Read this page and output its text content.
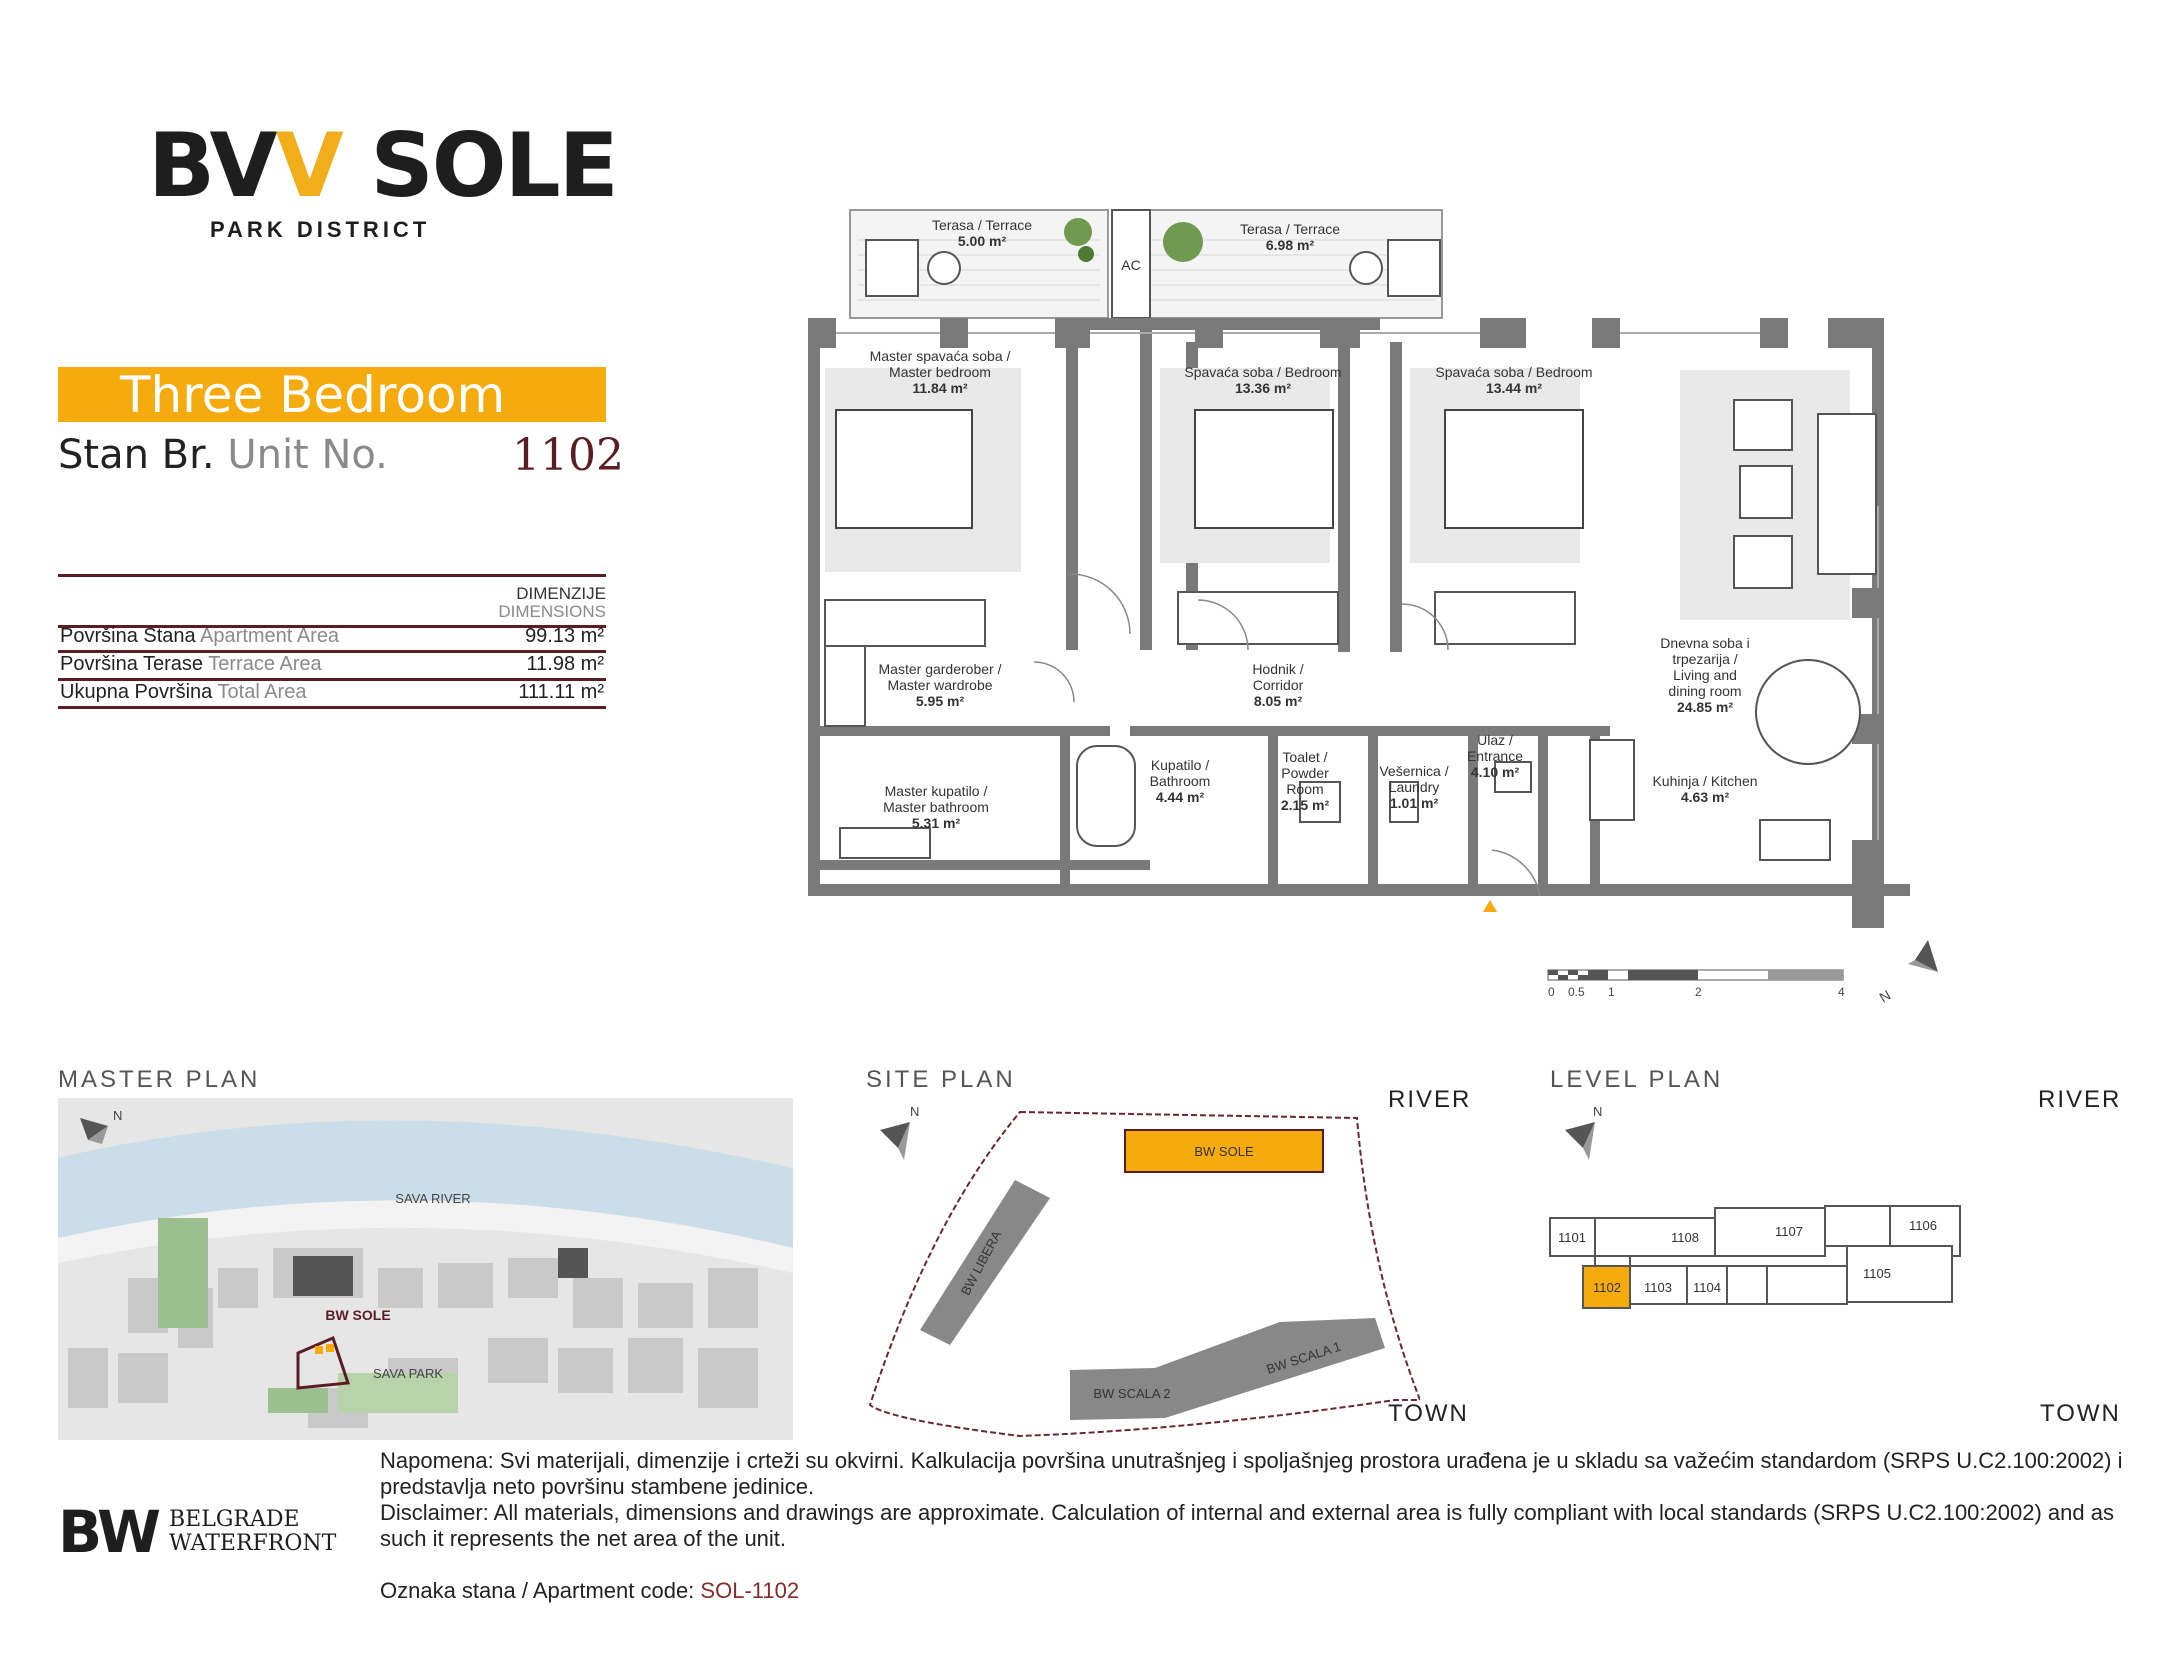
BVV SOLE
PARK DISTRICT
Three Bedroom
Stan Br. Unit No.	1102
DIMENZIJE
DIMENSIONS
Površina Stana Apartment Area	99.13 m²
Površina Terase Terrace Area	11.98 m²
Ukupna Površina Total Area	111.11 m²
Terasa / Terrace
5.00 m²
AC
Terasa / Terrace
6.98 m²
Master spavaća soba /
Master bedroom
11.84 m²
Spavaća soba / Bedroom
13.36 m²
Spavaća soba / Bedroom
13.44 m²
Master garderober /
Master wardrobe
5.95 m²
Hodnik /
Corridor
8.05 m²
Dnevna soba i
trpezarija /
Living and
dining room
24.85 m²
Master kupatilo /
Master bathroom
5.31 m²
Kupatilo /
Bathroom
4.44 m²
Toalet /
Powder
Room
2.15 m²
Vešernica /
Laundry
1.01 m²
Ulaz /
Entrance
4.10 m²
Kuhinja / Kitchen
4.63 m²
0 0.5 1	2	4 N
MASTER PLAN
SAVA RIVER
BW SOLE
SAVA PARK
N
SITE PLAN
RIVER
TOWN
BW SOLE
BW LIBERA
BW SCALA 2
BW SCALA 1
N
LEVEL PLAN
RIVER
TOWN
1101	1108	1107	1106
1105
1102 1103 1104
N
BW BELGRADE
WATERFRONT
Napomena: Svi materijali, dimenzije i crteži su okvirni. Kalkulacija površina unutrašnjeg i spoljašnjeg prostora urađena je u skladu sa važećim standardom (SRPS U.C2.100:2002) i predstavlja neto površinu stambene jedinice.
Disclaimer: All materials, dimensions and drawings are approximate. Calculation of internal and external area is fully compliant with local standards (SRPS U.C2.100:2002) and as such it represents the net area of the unit.
Oznaka stana / Apartment code: SOL-1102
